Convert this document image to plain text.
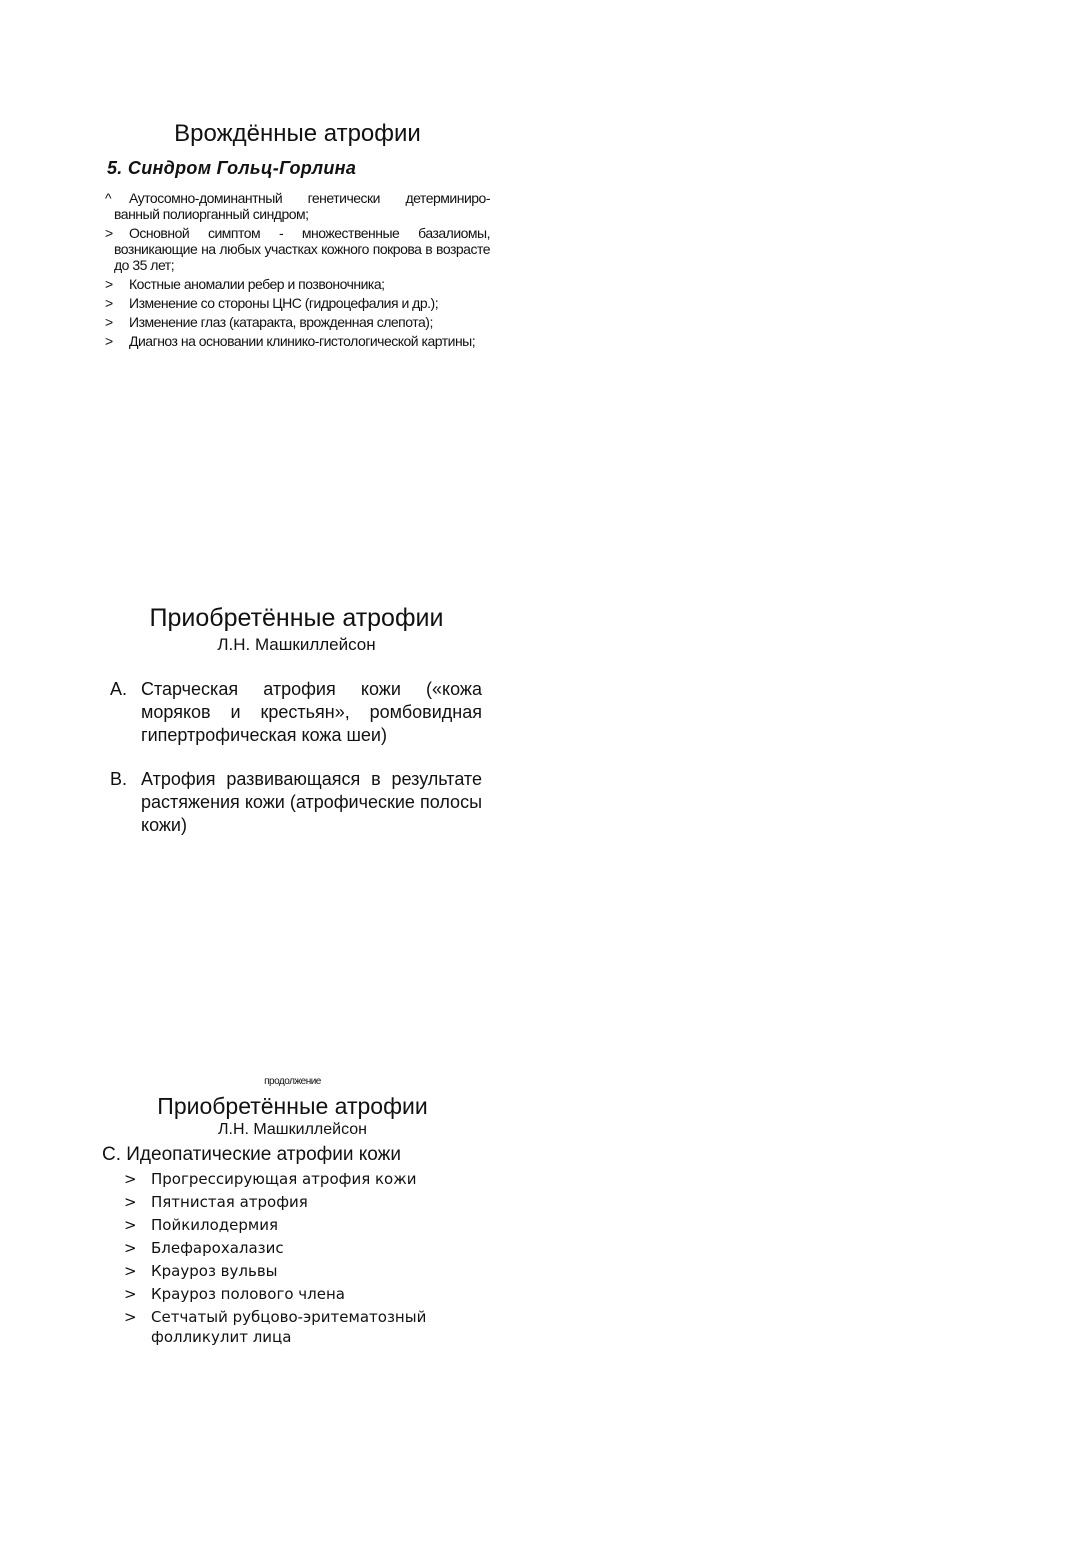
Врождённые атрофии
5. Синдром Гольц-Горлина
^ Аутосомно-доминантный генетически детерминиро-ванный полиорганный синдром;
> Основной симптом - множественные базалиомы, возникающие на любых участках кожного покрова в возрасте до 35 лет;
> Костные аномалии ребер и позвоночника;
> Изменение со стороны ЦНС (гидроцефалия и др.);
> Изменение глаз (катаракта, врожденная слепота);
> Диагноз на основании клинико-гистологической картины;
Приобретённые атрофии
Л.Н. Машкиллейсон
А. Старческая атрофия кожи («кожа моряков и крестьян», ромбовидная гипертрофическая кожа шеи)
В. Атрофия развивающаяся в результате растяжения кожи (атрофические полосы кожи)
продолжение
Приобретённые атрофии
Л.Н. Машкиллейсон
С. Идеопатические атрофии кожи
> Прогрессирующая атрофия кожи
> Пятнистая атрофия
> Пойкилодермия
> Блефарохалазис
> Крауроз вульвы
> Крауроз полового члена
> Сетчатый рубцово-эритематозный фолликулит лица
